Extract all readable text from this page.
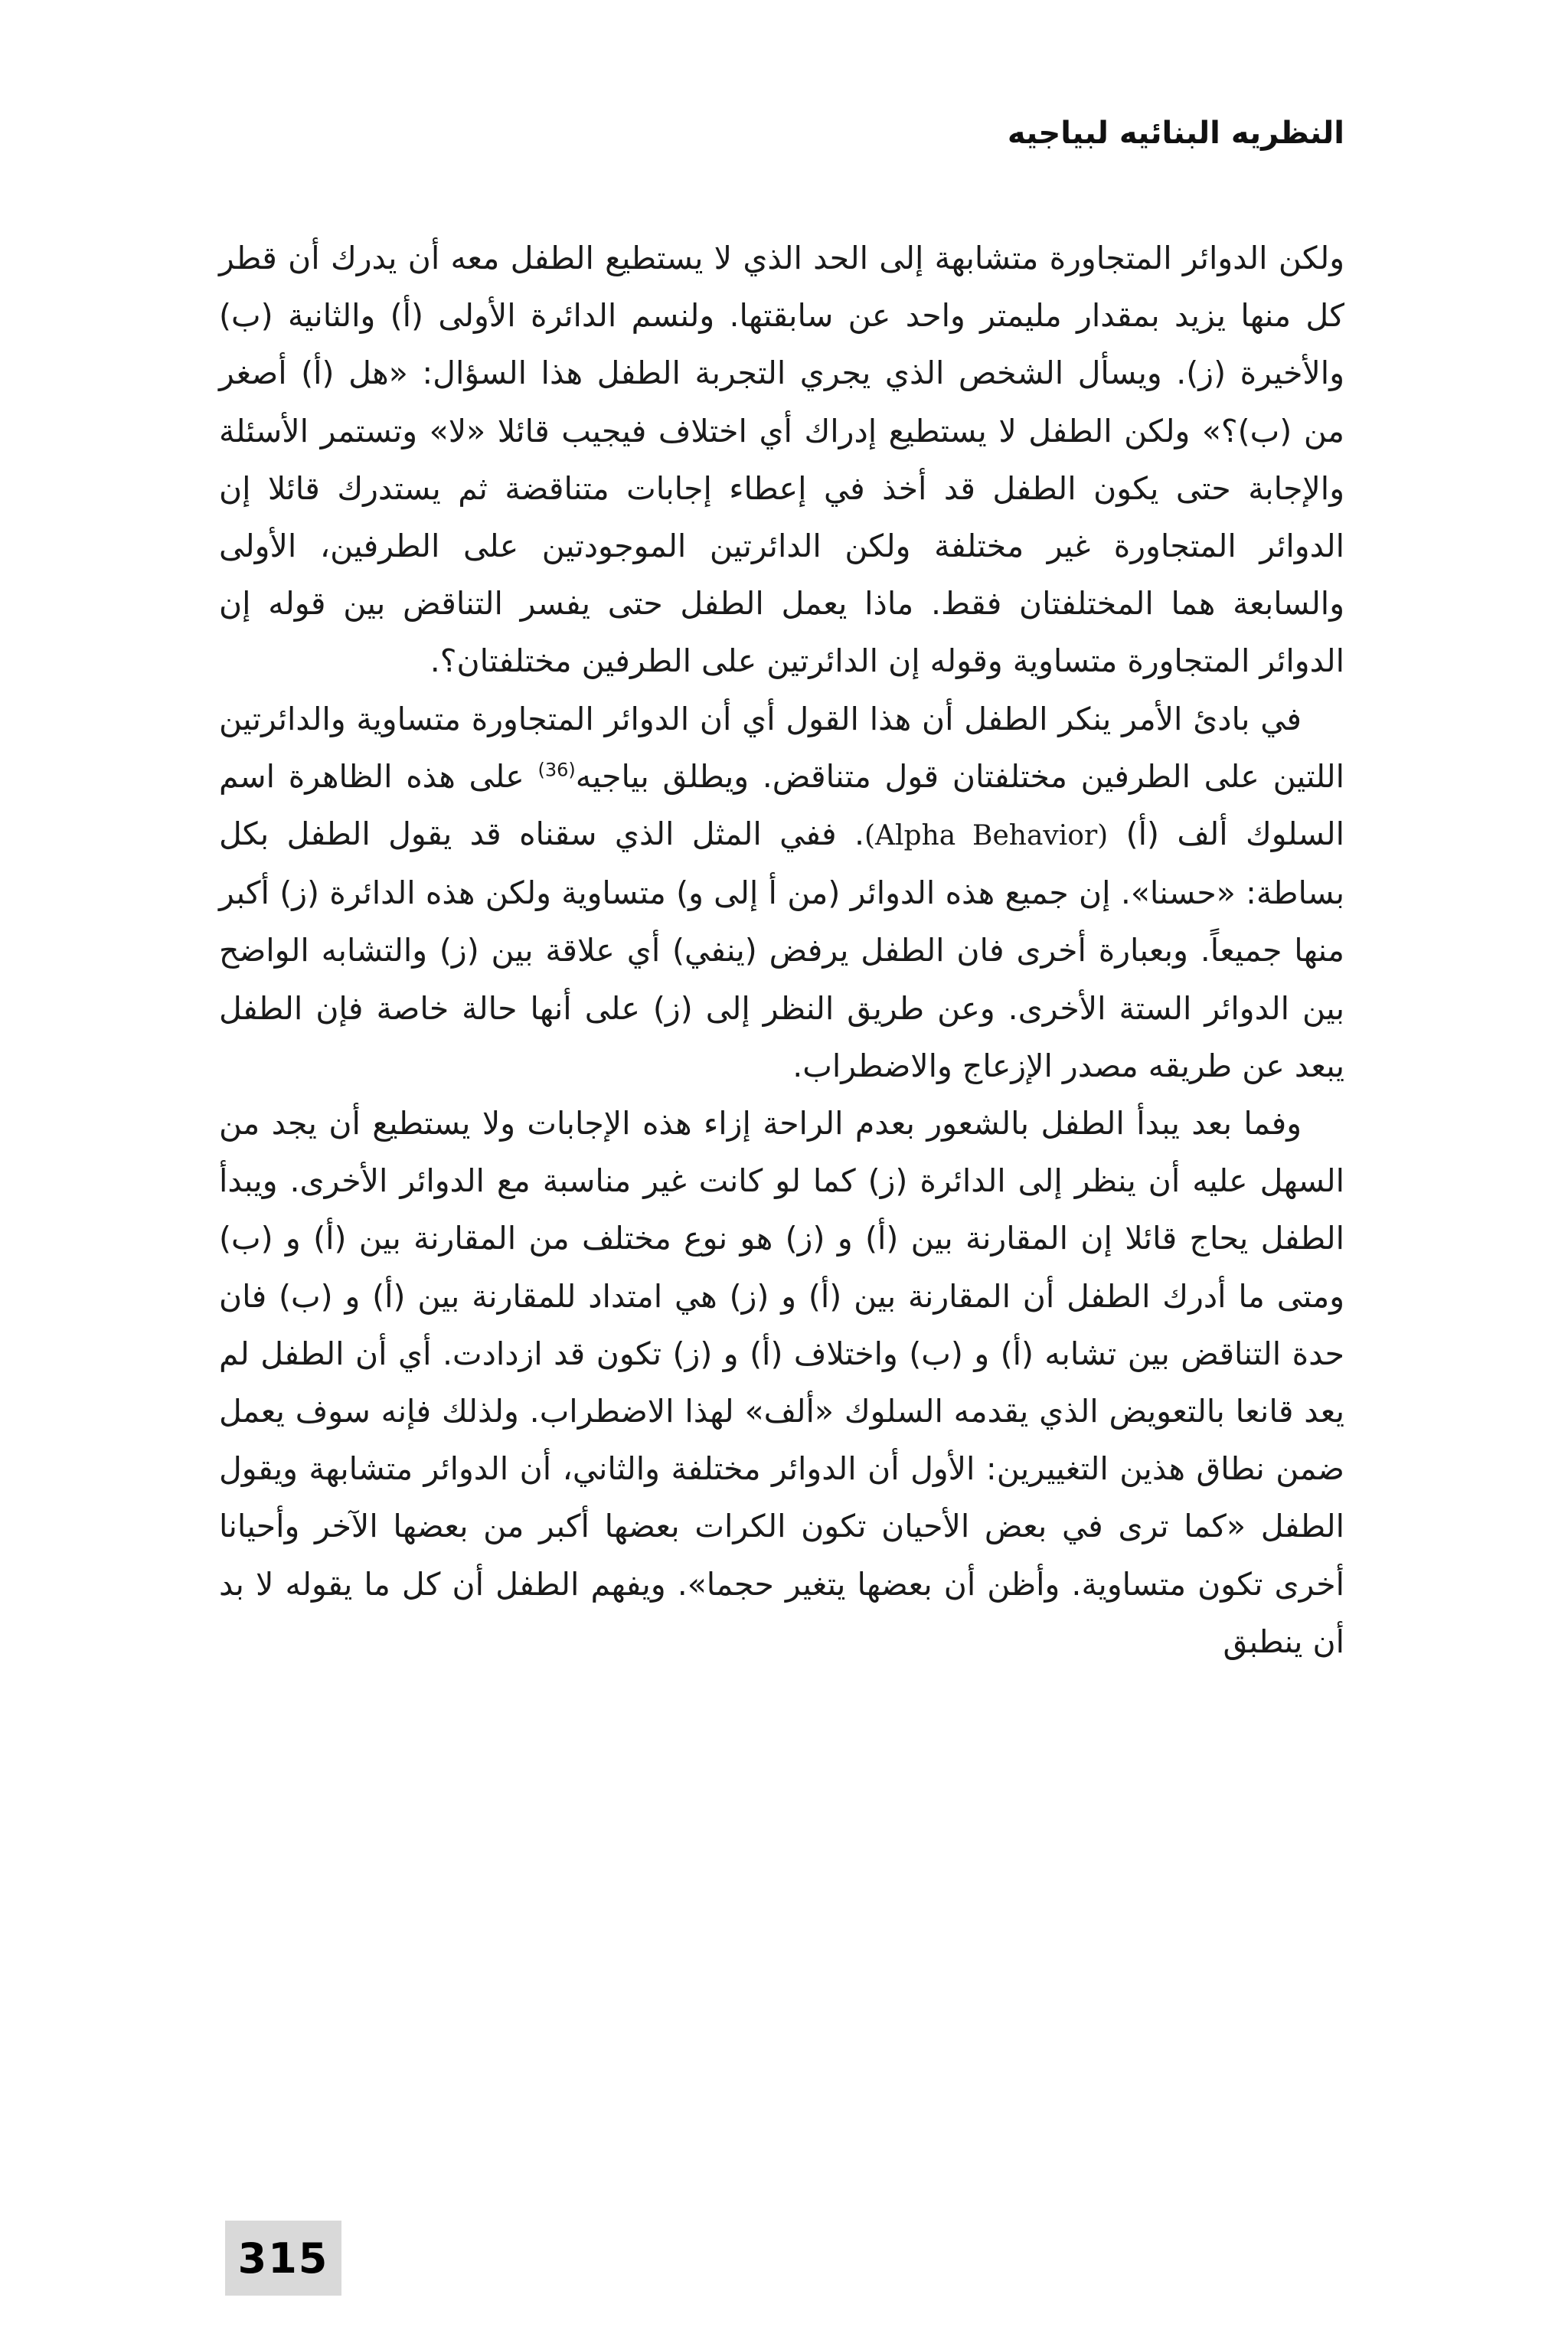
النظريه البنائيه لبياجيه

ولكن الدوائر المتجاورة متشابهة إلى الحد الذي لا يستطيع الطفل معه أن يدرك أن قطر كل منها يزيد بمقدار مليمتر واحد عن سابقتها. ولنسم الدائرة الأولى (أ) والثانية (ب) والأخيرة (ز). ويسأل الشخص الذي يجري التجربة الطفل هذا السؤال: «هل (أ) أصغر من (ب)؟» ولكن الطفل لا يستطيع إدراك أي اختلاف فيجيب قائلا «لا» وتستمر الأسئلة والإجابة حتى يكون الطفل قد أخذ في إعطاء إجابات متناقضة ثم يستدرك قائلا إن الدوائر المتجاورة غير مختلفة ولكن الدائرتين الموجودتين على الطرفين، الأولى والسابعة هما المختلفتان فقط. ماذا يعمل الطفل حتى يفسر التناقض بين قوله إن الدوائر المتجاورة متساوية وقوله إن الدائرتين على الطرفين مختلفتان؟.

في بادئ الأمر ينكر الطفل أن هذا القول أي أن الدوائر المتجاورة متساوية والدائرتين اللتين على الطرفين مختلفتان قول متناقض. ويطلق بياجيه$^{(36)}$ على هذه الظاهرة اسم السلوك ألف (أ) (Alpha Behavior). ففي المثل الذي سقناه قد يقول الطفل بكل بساطة: «حسنا». إن جميع هذه الدوائر (من أ إلى و) متساوية ولكن هذه الدائرة (ز) أكبر منها جميعاً. وبعبارة أخرى فان الطفل يرفض (ينفي) أي علاقة بين (ز) والتشابه الواضح بين الدوائر الستة الأخرى. وعن طريق النظر إلى (ز) على أنها حالة خاصة فإن الطفل يبعد عن طريقه مصدر الإزعاج والاضطراب.

وفما بعد يبدأ الطفل بالشعور بعدم الراحة إزاء هذه الإجابات ولا يستطيع أن يجد من السهل عليه أن ينظر إلى الدائرة (ز) كما لو كانت غير مناسبة مع الدوائر الأخرى. ويبدأ الطفل يحاج قائلا إن المقارنة بين (أ) و (ز) هو نوع مختلف من المقارنة بين (أ) و (ب) ومتى ما أدرك الطفل أن المقارنة بين (أ) و (ز) هي امتداد للمقارنة بين (أ) و (ب) فان حدة التناقض بين تشابه (أ) و (ب) واختلاف (أ) و (ز) تكون قد ازدادت. أي أن الطفل لم يعد قانعا بالتعويض الذي يقدمه السلوك «ألف» لهذا الاضطراب. ولذلك فإنه سوف يعمل ضمن نطاق هذين التغييرين: الأول أن الدوائر مختلفة والثاني، أن الدوائر متشابهة ويقول الطفل «كما ترى في بعض الأحيان تكون الكرات بعضها أكبر من بعضها الآخر وأحيانا أخرى تكون متساوية. وأظن أن بعضها يتغير حجما». ويفهم الطفل أن كل ما يقوله لا بد أن ينطبق

315
